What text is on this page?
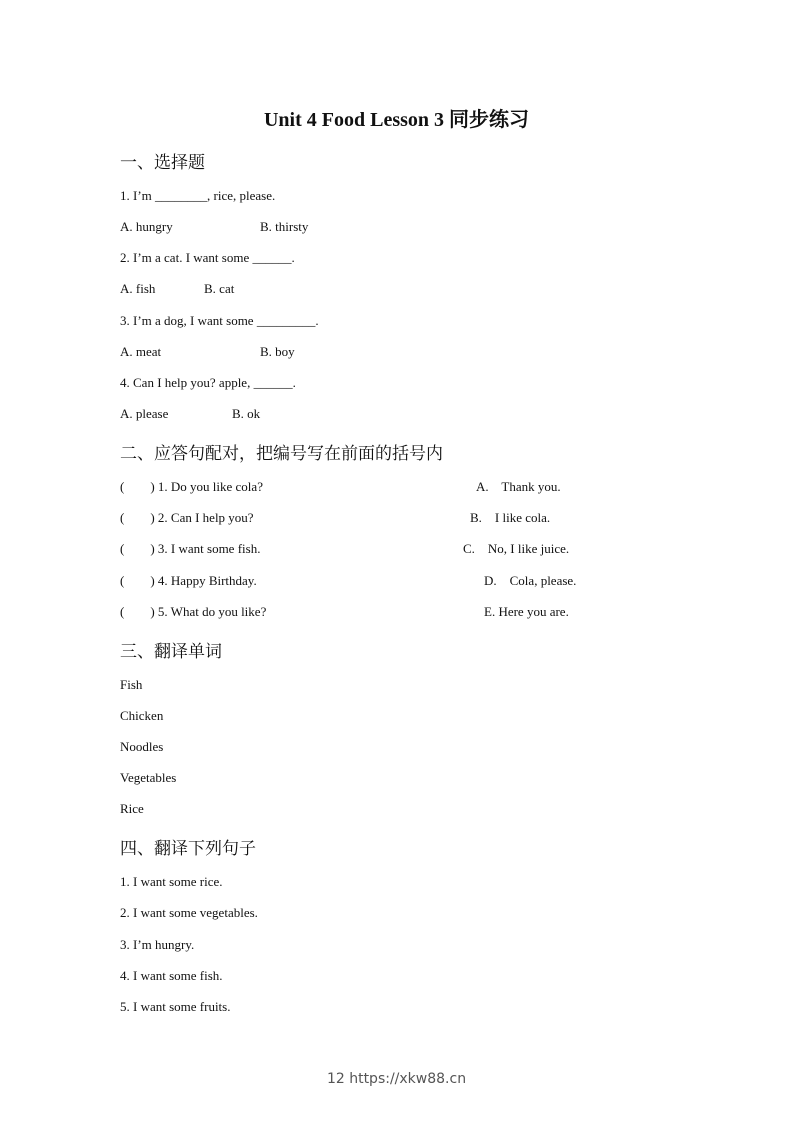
Unit 4 Food Lesson 3 同步练习
一、选择题
1. I’m ________, rice, please.
A. hungry	B. thirsty
2. I’m a cat. I want some ______.
A. fish	B. cat
3. I’m a dog, I want some _________.
A. meat	B. boy
4. Can I help you? apple, ______.
A. please	B. ok
二、应答句配对，把编号写在前面的括号内
(        ) 1. Do you like cola?	A.    Thank you.
(        ) 2. Can I help you?	B.    I like cola.
(        ) 3. I want some fish.	C.    No, I like juice.
(        ) 4. Happy Birthday.	D.    Cola, please.
(        ) 5. What do you like?	E. Here you are.
三、翻译单词
Fish
Chicken
Noodles
Vegetables
Rice
四、翻译下列句子
1. I want some rice.
2. I want some vegetables.
3. I’m hungry.
4. I want some fish.
5. I want some fruits.
12 https://xkw88.cn
